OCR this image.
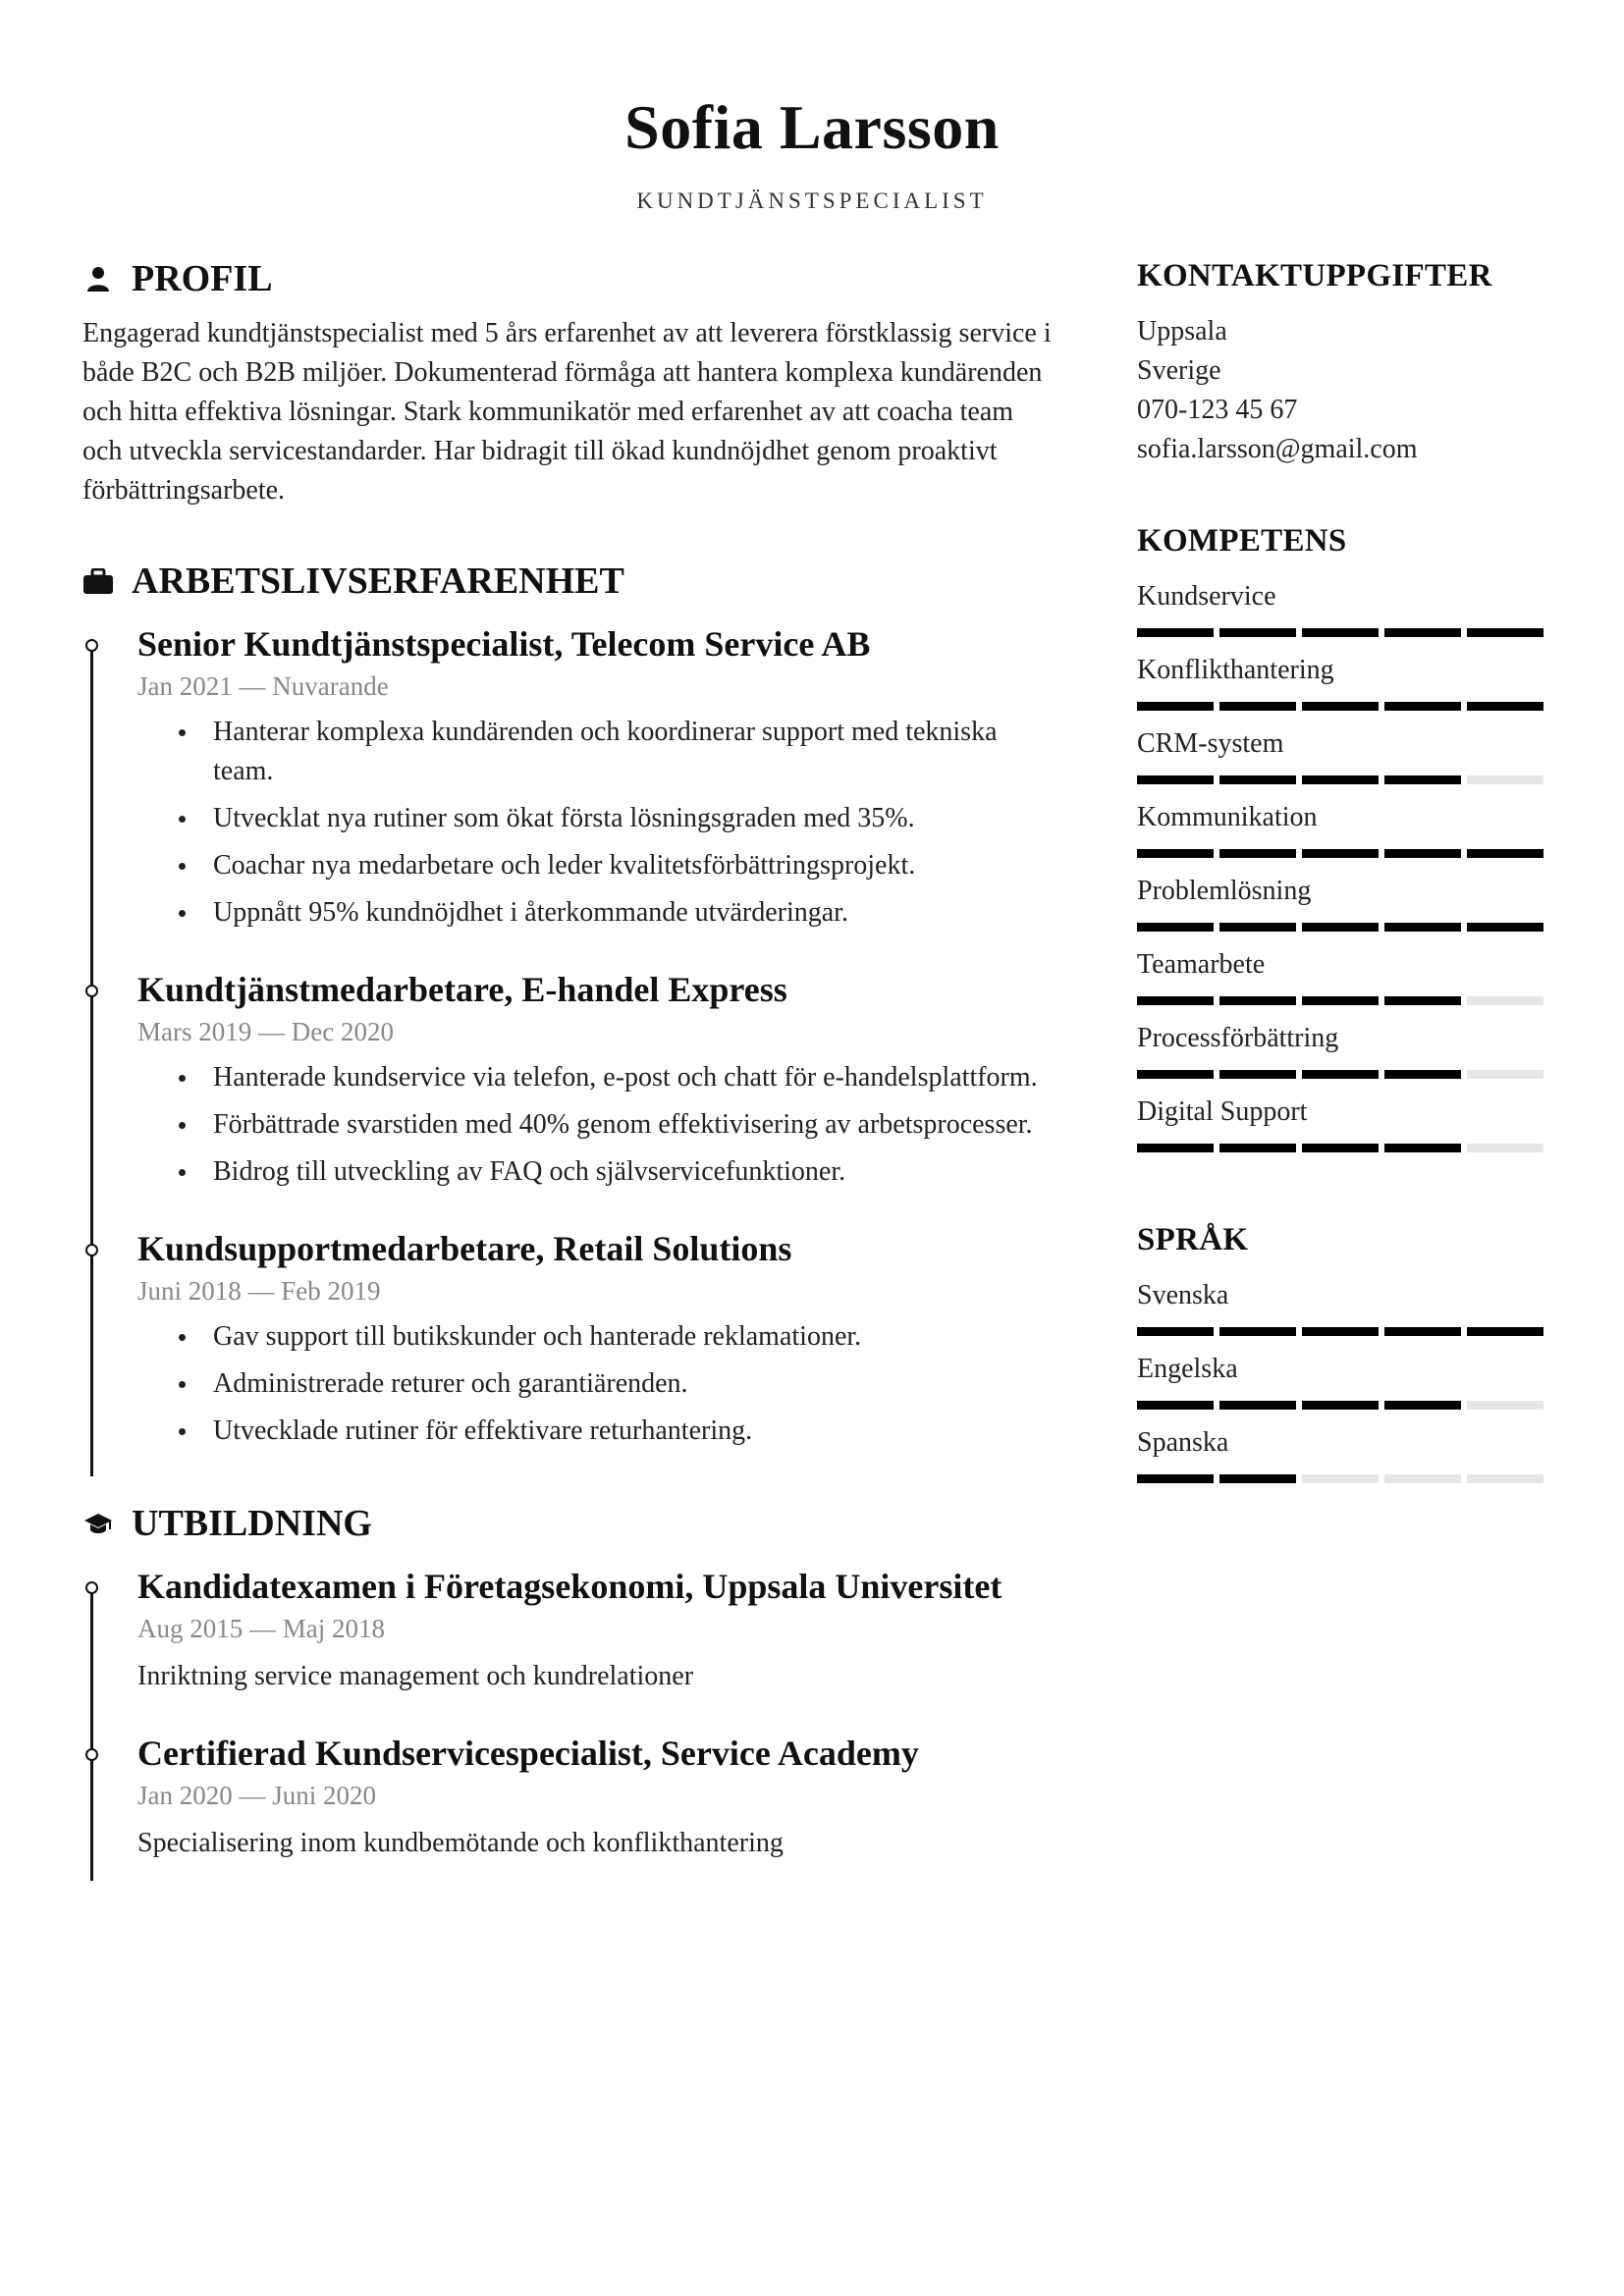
Sofia Larsson
KUNDTJÄNSTSPECIALIST
PROFIL
Engagerad kundtjänstspecialist med 5 års erfarenhet av att leverera förstklassig service i både B2C och B2B miljöer. Dokumenterad förmåga att hantera komplexa kundärenden och hitta effektiva lösningar. Stark kommunikatör med erfarenhet av att coacha team och utveckla servicestandarder. Har bidragit till ökad kundnöjdhet genom proaktivt förbättringsarbete.
ARBETSLIVSERFARENHET
Senior Kundtjänstspecialist, Telecom Service AB
Jan 2021 — Nuvarande
Hanterar komplexa kundärenden och koordinerar support med tekniska team.
Utvecklat nya rutiner som ökat första lösningsgraden med 35%.
Coachar nya medarbetare och leder kvalitetsförbättringsprojekt.
Uppnått 95% kundnöjdhet i återkommande utvärderingar.
Kundtjänstmedarbetare, E-handel Express
Mars 2019 — Dec 2020
Hanterade kundservice via telefon, e-post och chatt för e-handelsplattform.
Förbättrade svarstiden med 40% genom effektivisering av arbetsprocesser.
Bidrog till utveckling av FAQ och självservicefunktioner.
Kundsupportmedarbetare, Retail Solutions
Juni 2018 — Feb 2019
Gav support till butikskunder och hanterade reklamationer.
Administrerade returer och garantiärenden.
Utvecklade rutiner för effektivare returhantering.
UTBILDNING
Kandidatexamen i Företagsekonomi, Uppsala Universitet
Aug 2015 — Maj 2018
Inriktning service management och kundrelationer
Certifierad Kundservicespecialist, Service Academy
Jan 2020 — Juni 2020
Specialisering inom kundbemötande och konflikthantering
KONTAKTUPPGIFTER
Uppsala
Sverige
070-123 45 67
sofia.larsson@gmail.com
KOMPETENS
Kundservice
Konflikthantering
CRM-system
Kommunikation
Problemlösning
Teamarbete
Processförbättring
Digital Support
SPRÅK
Svenska
Engelska
Spanska
